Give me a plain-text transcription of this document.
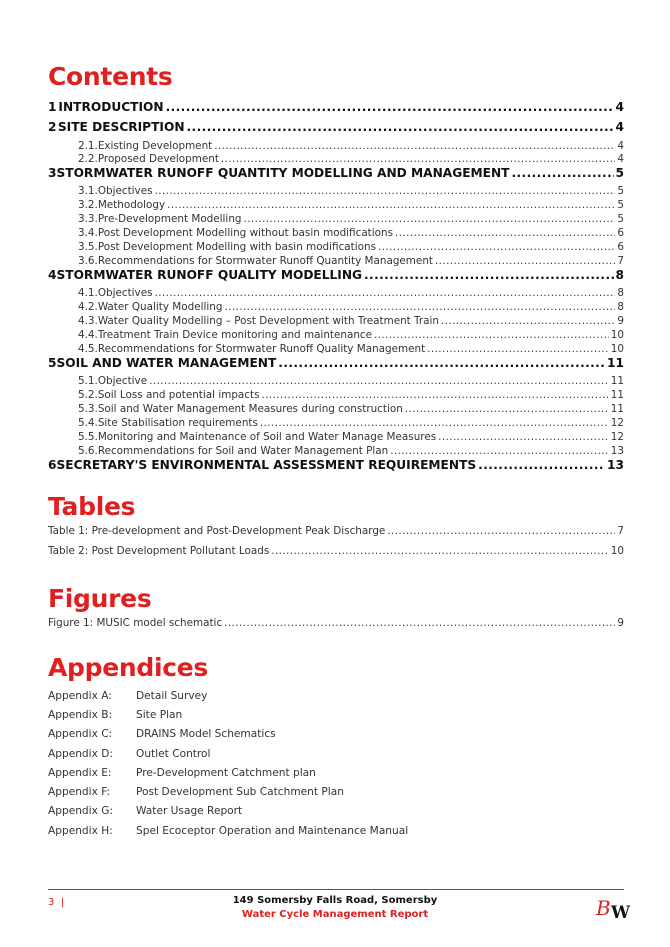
Contents
1 INTRODUCTION .....	4
2 SITE DESCRIPTION .....	4
2.1. Existing Development .....	4
2.2. Proposed Development .....	4
3 STORMWATER RUNOFF QUANTITY MODELLING AND MANAGEMENT .....	5
3.1. Objectives .....	5
3.2. Methodology .....	5
3.3. Pre-Development Modelling .....	5
3.4. Post Development Modelling without basin modifications .....	6
3.5. Post Development Modelling with basin modifications .....	6
3.6. Recommendations for Stormwater Runoff Quantity Management .....	7
4 STORMWATER RUNOFF QUALITY MODELLING .....	8
4.1. Objectives .....	8
4.2. Water Quality Modelling .....	8
4.3. Water Quality Modelling – Post Development with Treatment Train .....	9
4.4. Treatment Train Device monitoring and maintenance .....	10
4.5. Recommendations for Stormwater Runoff Quality Management .....	10
5 SOIL AND WATER MANAGEMENT .....	11
5.1. Objective .....	11
5.2. Soil Loss and potential impacts .....	11
5.3. Soil and Water Management Measures during construction .....	11
5.4. Site Stabilisation requirements .....	12
5.5. Monitoring and Maintenance of Soil and Water Manage Measures .....	12
5.6. Recommendations for Soil and Water Management Plan .....	13
6 SECRETARY'S ENVIRONMENTAL ASSESSMENT REQUIREMENTS .....	13
Tables
Table 1: Pre-development and Post-Development Peak Discharge .....	7
Table 2: Post Development Pollutant Loads .....	10
Figures
Figure 1: MUSIC model schematic .....	9
Appendices
Appendix A: Detail Survey
Appendix B: Site Plan
Appendix C: DRAINS Model Schematics
Appendix D: Outlet Control
Appendix E: Pre-Development Catchment plan
Appendix F: Post Development Sub Catchment Plan
Appendix G: Water Usage Report
Appendix H: Spel Ecoceptor Operation and Maintenance Manual
3 |	149 Somersby Falls Road, Somersby
Water Cycle Management Report	B W
